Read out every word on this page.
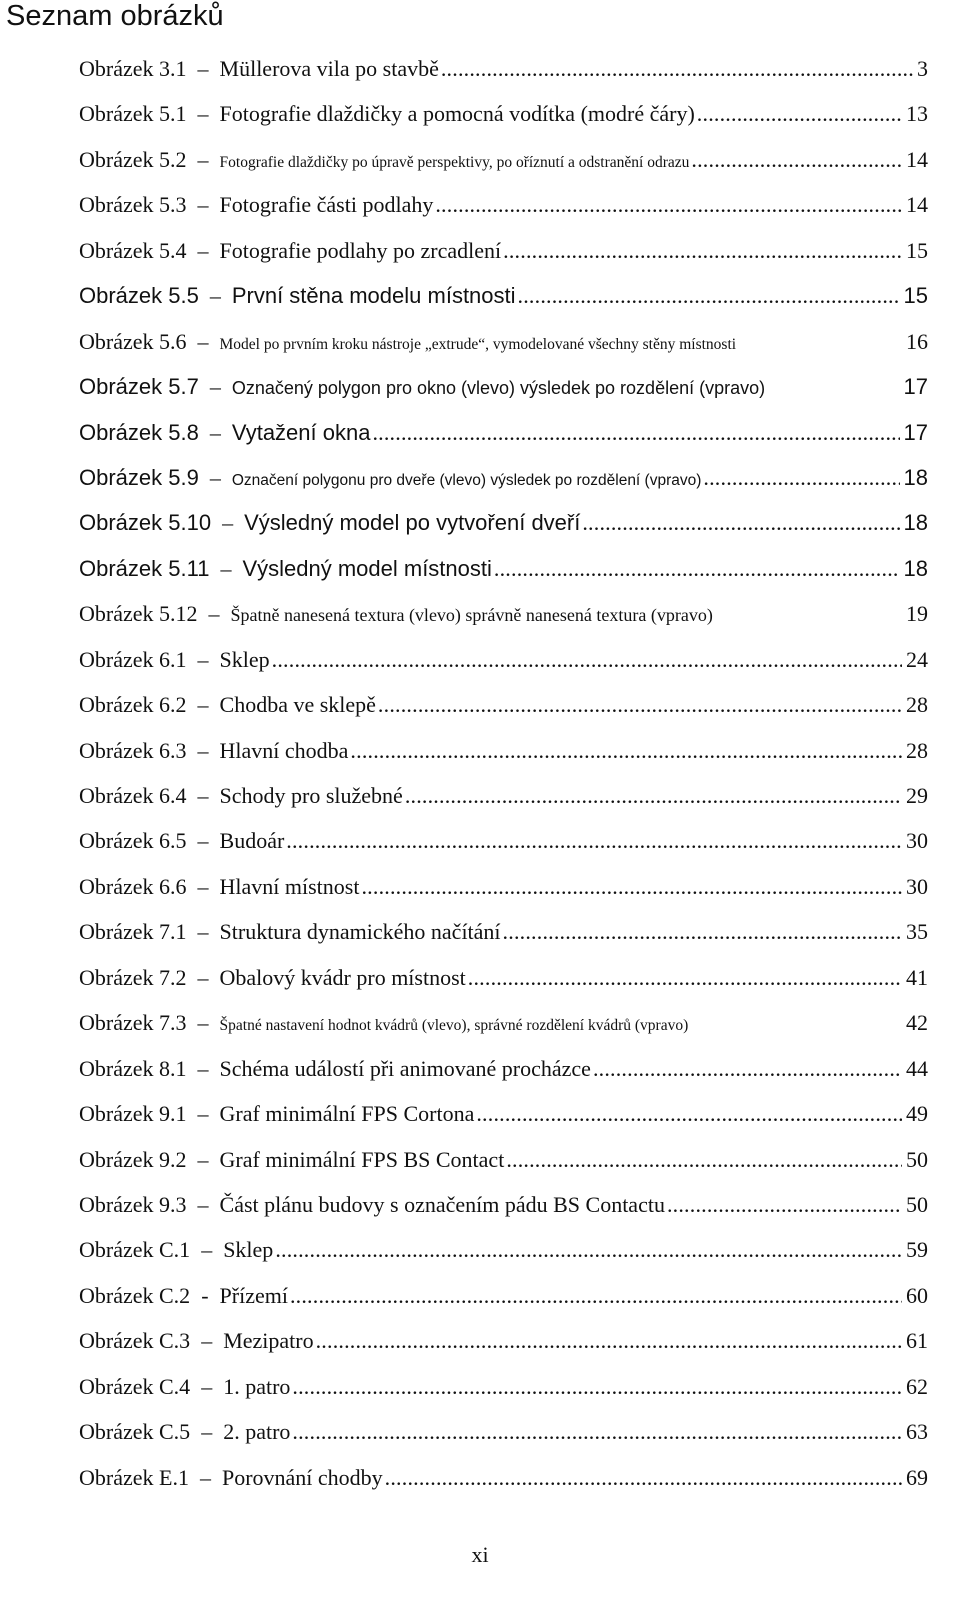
Seznam obrázků
Obrázek 3.1 – Müllerova vila po stavbě .....	3
Obrázek 5.1 – Fotografie dlaždičky a pomocná vodítka (modré čáry) .....	13
Obrázek 5.2 – Fotografie dlaždičky po úpravě perspektivy, po oříznutí a odstranění odrazu .....	14
Obrázek 5.3 – Fotografie části podlahy .....	14
Obrázek 5.4 – Fotografie podlahy po zrcadlení .....	15
Obrázek 5.5 – První stěna modelu místnosti .....	15
Obrázek 5.6 – Model po prvním kroku nástroje „extrude“, vymodelované všechny stěny místnosti	16
Obrázek 5.7 – Označený polygon pro okno (vlevo) výsledek po rozdělení (vpravo)	17
Obrázek 5.8 – Vytažení okna .....	17
Obrázek 5.9 – Označení polygonu pro dveře (vlevo) výsledek po rozdělení (vpravo) .....	18
Obrázek 5.10 – Výsledný model po vytvoření dveří .....	18
Obrázek 5.11 – Výsledný model místnosti .....	18
Obrázek 5.12 – Špatně nanesená textura (vlevo) správně nanesená textura (vpravo)	19
Obrázek 6.1 – Sklep .....	24
Obrázek 6.2 – Chodba ve sklepě .....	28
Obrázek 6.3 – Hlavní chodba .....	28
Obrázek 6.4 – Schody pro služebné .....	29
Obrázek 6.5 – Budoár .....	30
Obrázek 6.6 – Hlavní místnost .....	30
Obrázek 7.1 – Struktura dynamického načítání .....	35
Obrázek 7.2 – Obalový kvádr pro místnost .....	41
Obrázek 7.3 – Špatné nastavení hodnot kvádrů (vlevo), správné rozdělení kvádrů (vpravo)	42
Obrázek 8.1 – Schéma událostí při animované procházce .....	44
Obrázek 9.1 – Graf minimální FPS Cortona .....	49
Obrázek 9.2 – Graf minimální FPS BS Contact .....	50
Obrázek 9.3 – Část plánu budovy s označením pádu BS Contactu .....	50
Obrázek C.1 – Sklep .....	59
Obrázek C.2 - Přízemí .....	60
Obrázek C.3 – Mezipatro .....	61
Obrázek C.4 – 1. patro .....	62
Obrázek C.5 – 2. patro .....	63
Obrázek E.1 – Porovnání chodby .....	69
xi
